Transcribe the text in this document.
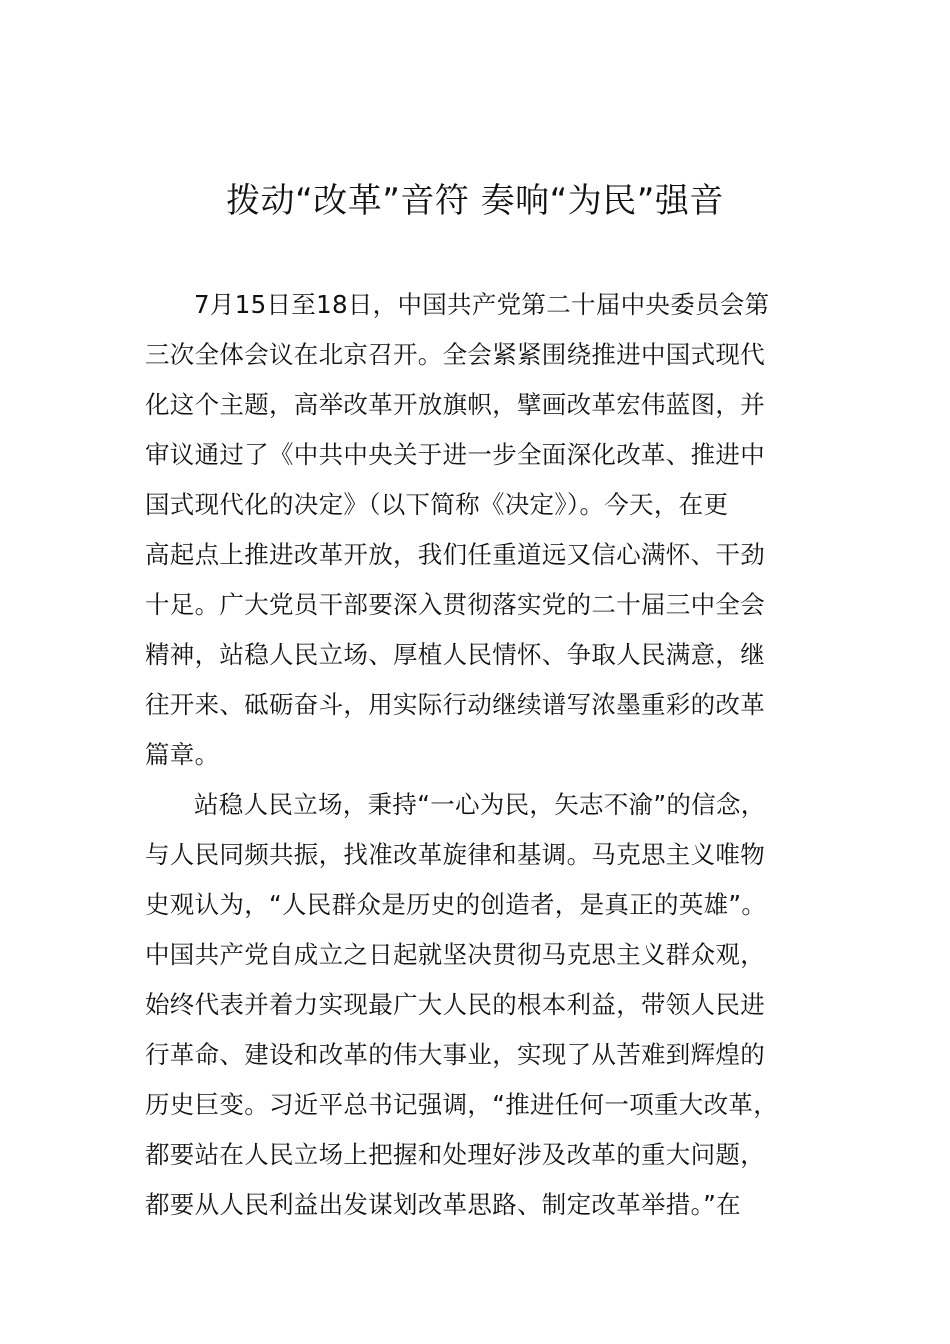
拨动“改革”音符 奏响“为民”强音
7月15日至18日，中国共产党第二十届中央委员会第
三次全体会议在北京召开。全会紧紧围绕推进中国式现代
化这个主题，高举改革开放旗帜，擘画改革宏伟蓝图，并
审议通过了《中共中央关于进一步全面深化改革、推进中
国式现代化的决定》（以下简称《决定》）。今天，在更
高起点上推进改革开放，我们任重道远又信心满怀、干劲
十足。广大党员干部要深入贯彻落实党的二十届三中全会
精神，站稳人民立场、厚植人民情怀、争取人民满意，继
往开来、砥砺奋斗，用实际行动继续谱写浓墨重彩的改革
篇章。
站稳人民立场，秉持“一心为民，矢志不渝”的信念，
与人民同频共振，找准改革旋律和基调。马克思主义唯物
史观认为，“人民群众是历史的创造者，是真正的英雄”。
中国共产党自成立之日起就坚决贯彻马克思主义群众观，
始终代表并着力实现最广大人民的根本利益，带领人民进
行革命、建设和改革的伟大事业，实现了从苦难到辉煌的
历史巨变。习近平总书记强调，“推进任何一项重大改革，
都要站在人民立场上把握和处理好涉及改革的重大问题，
都要从人民利益出发谋划改革思路、制定改革举措。”在
